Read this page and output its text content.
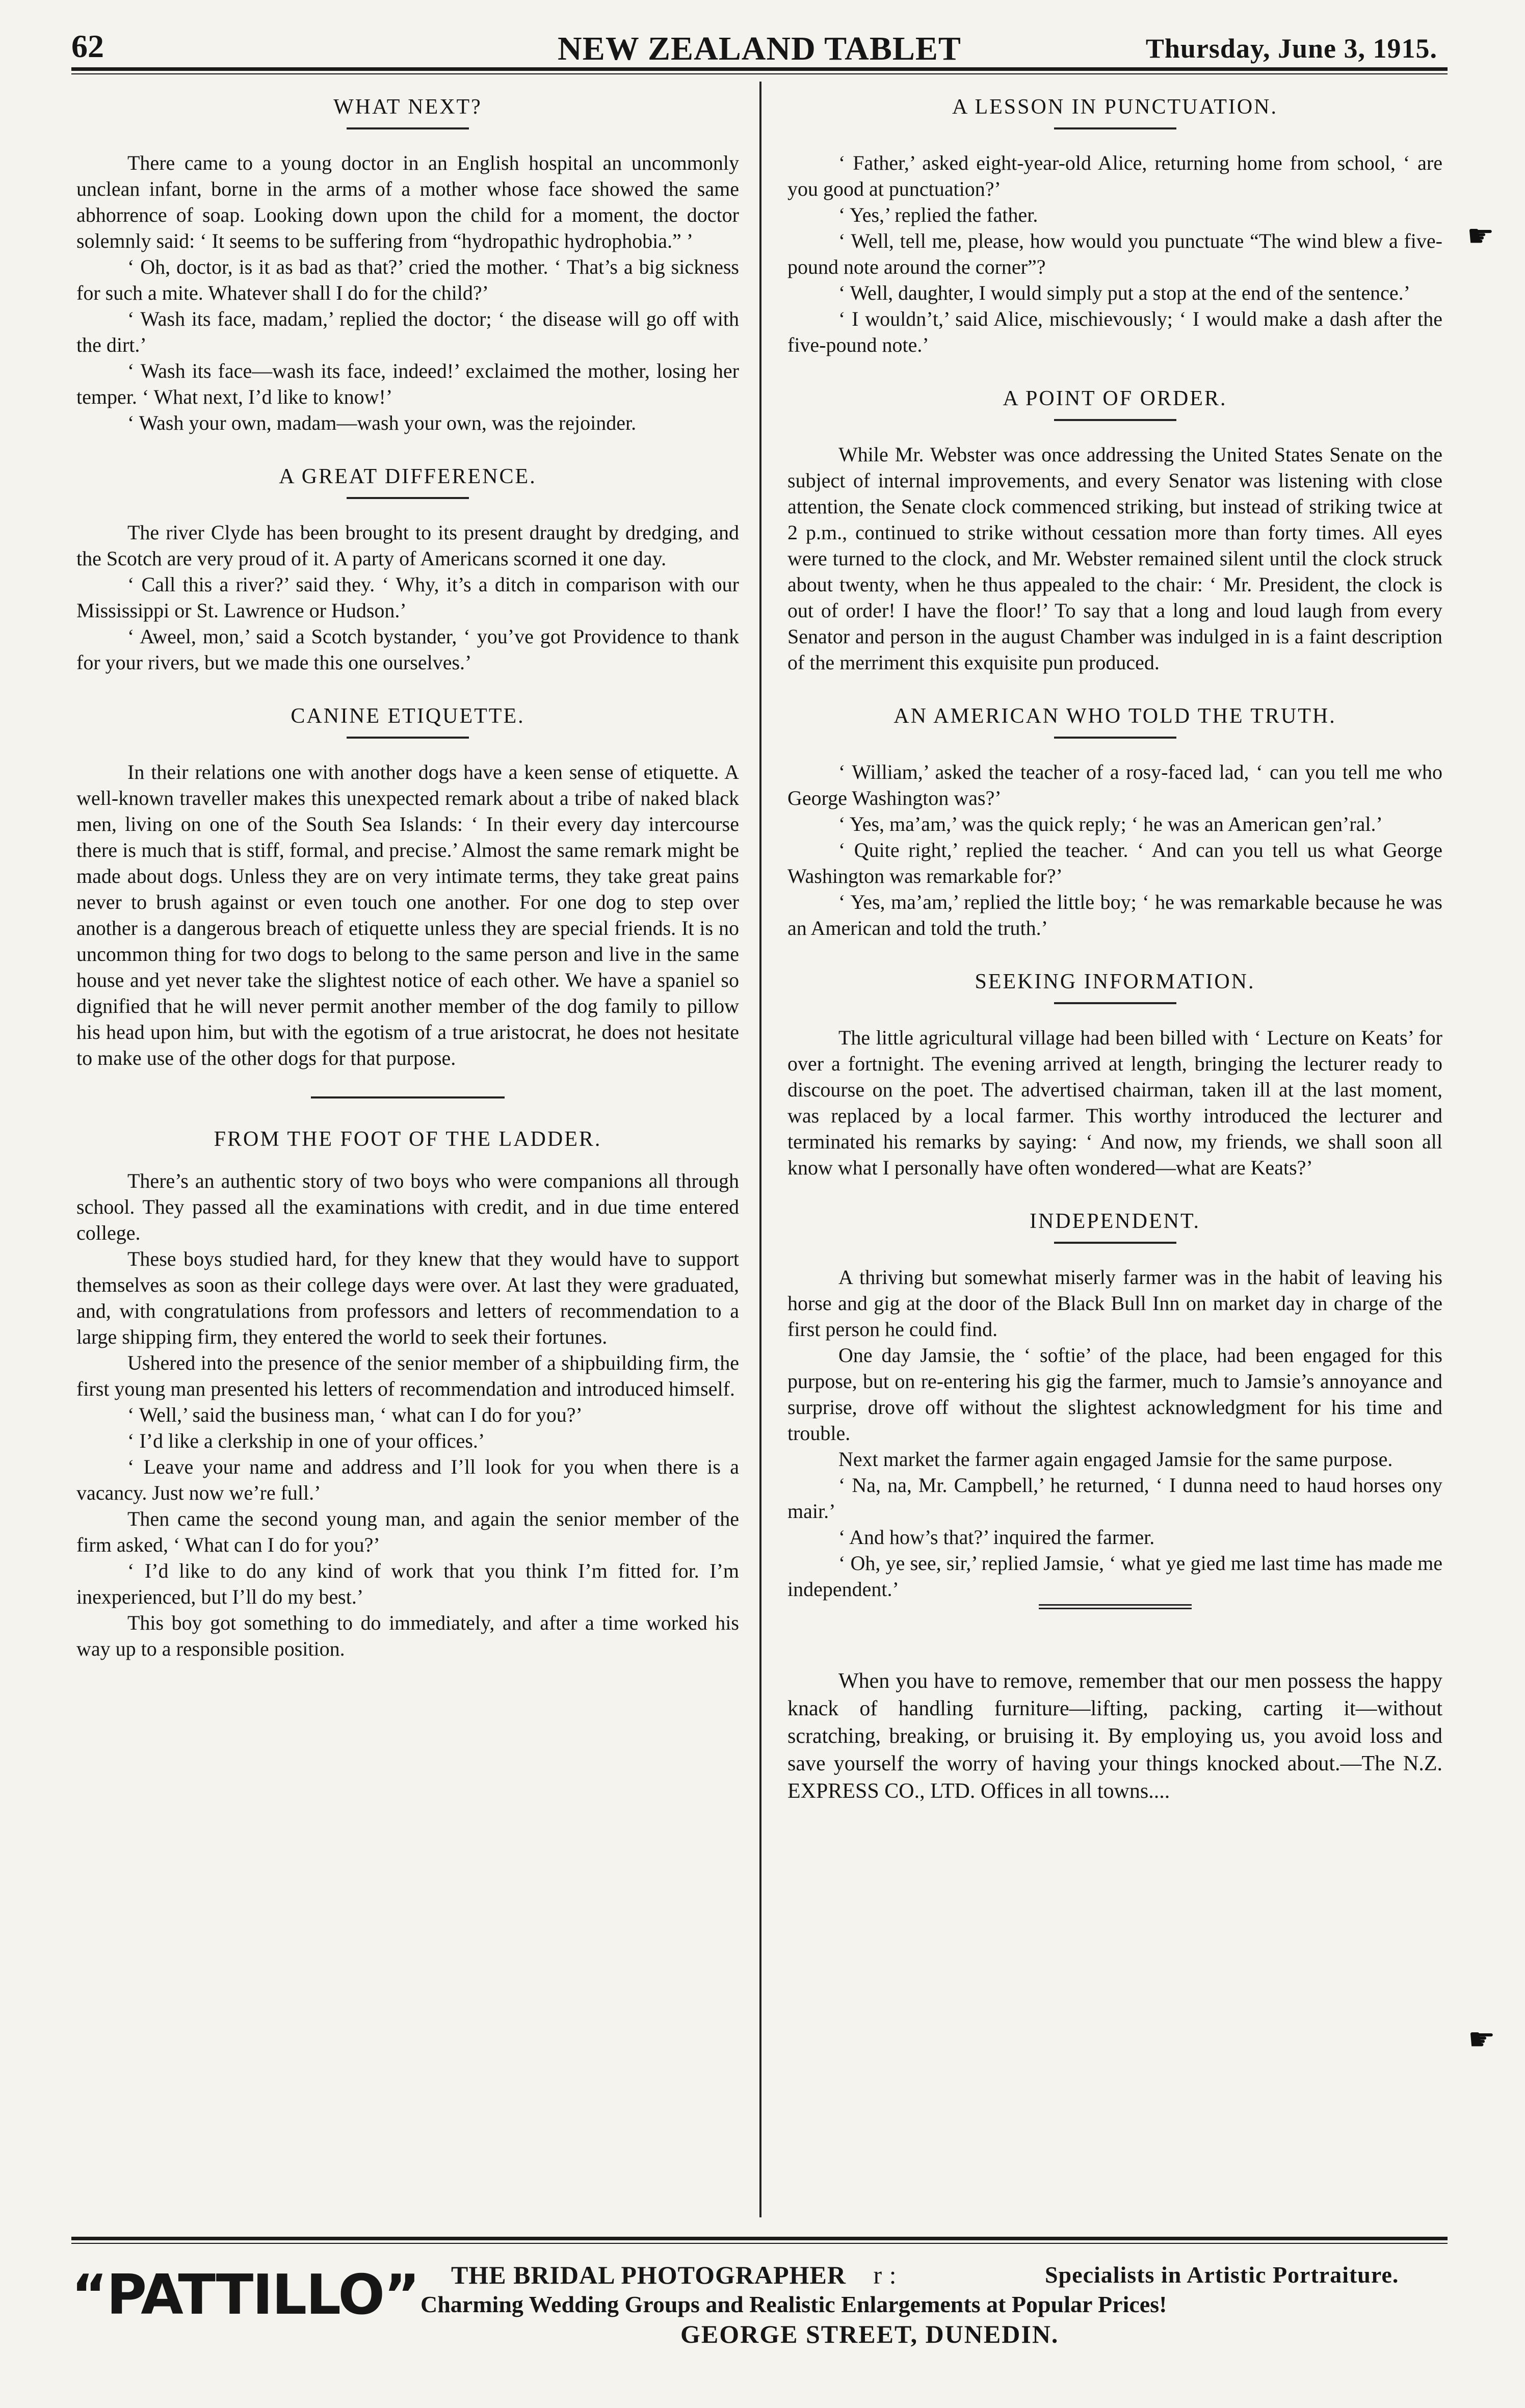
62	NEW ZEALAND TABLET	Thursday, June 3, 1915.
WHAT NEXT?

There came to a young doctor in an English hospital an uncommonly unclean infant, borne in the arms of a mother whose face showed the same abhorrence of soap. Looking down upon the child for a moment, the doctor solemnly said: ‘ It seems to be suffering from “hydropathic hydrophobia.” ’

‘ Oh, doctor, is it as bad as that?’ cried the mother. ‘ That’s a big sickness for such a mite. Whatever shall I do for the child?’

‘ Wash its face, madam,’ replied the doctor; ‘ the disease will go off with the dirt.’

‘ Wash its face—wash its face, indeed!’ exclaimed the mother, losing her temper. ‘ What next, I’d like to know!’

‘ Wash your own, madam—wash your own, was the rejoinder.

A GREAT DIFFERENCE.

The river Clyde has been brought to its present draught by dredging, and the Scotch are very proud of it. A party of Americans scorned it one day.

‘ Call this a river?’ said they. ‘ Why, it’s a ditch in comparison with our Mississippi or St. Lawrence or Hudson.’

‘ Aweel, mon,’ said a Scotch bystander, ‘ you’ve got Providence to thank for your rivers, but we made this one ourselves.’

CANINE ETIQUETTE.

In their relations one with another dogs have a keen sense of etiquette. A well-known traveller makes this unexpected remark about a tribe of naked black men, living on one of the South Sea Islands: ‘ In their every day intercourse there is much that is stiff, formal, and precise.’ Almost the same remark might be made about dogs. Unless they are on very intimate terms, they take great pains never to brush against or even touch one another. For one dog to step over another is a dangerous breach of etiquette unless they are special friends. It is no uncommon thing for two dogs to belong to the same person and live in the same house and yet never take the slightest notice of each other. We have a spaniel so dignified that he will never permit another member of the dog family to pillow his head upon him, but with the egotism of a true aristocrat, he does not hesitate to make use of the other dogs for that purpose.

FROM THE FOOT OF THE LADDER.

There’s an authentic story of two boys who were companions all through school. They passed all the examinations with credit, and in due time entered college.

These boys studied hard, for they knew that they would have to support themselves as soon as their college days were over. At last they were graduated, and, with congratulations from professors and letters of recommendation to a large shipping firm, they entered the world to seek their fortunes.

Ushered into the presence of the senior member of a shipbuilding firm, the first young man presented his letters of recommendation and introduced himself.

‘ Well,’ said the business man, ‘ what can I do for you?’

‘ I’d like a clerkship in one of your offices.’

‘ Leave your name and address and I’ll look for you when there is a vacancy. Just now we’re full.’

Then came the second young man, and again the senior member of the firm asked, ‘ What can I do for you?’

‘ I’d like to do any kind of work that you think I’m fitted for. I’m inexperienced, but I’ll do my best.’

This boy got something to do immediately, and after a time worked his way up to a responsible position.

A LESSON IN PUNCTUATION.

‘ Father,’ asked eight-year-old Alice, returning home from school, ‘ are you good at punctuation?’

‘ Yes,’ replied the father.

‘ Well, tell me, please, how would you punctuate “The wind blew a five-pound note around the corner”?

‘ Well, daughter, I would simply put a stop at the end of the sentence.’

‘ I wouldn’t,’ said Alice, mischievously; ‘ I would make a dash after the five-pound note.’

A POINT OF ORDER.

While Mr. Webster was once addressing the United States Senate on the subject of internal improvements, and every Senator was listening with close attention, the Senate clock commenced striking, but instead of striking twice at 2 p.m., continued to strike without cessation more than forty times. All eyes were turned to the clock, and Mr. Webster remained silent until the clock struck about twenty, when he thus appealed to the chair: ‘ Mr. President, the clock is out of order! I have the floor!’ To say that a long and loud laugh from every Senator and person in the august Chamber was indulged in is a faint description of the merriment this exquisite pun produced.

AN AMERICAN WHO TOLD THE TRUTH.

‘ William,’ asked the teacher of a rosy-faced lad, ‘ can you tell me who George Washington was?’

‘ Yes, ma’am,’ was the quick reply; ‘ he was an American gen’ral.’

‘ Quite right,’ replied the teacher. ‘ And can you tell us what George Washington was remarkable for?’

‘ Yes, ma’am,’ replied the little boy; ‘ he was remarkable because he was an American and told the truth.’

SEEKING INFORMATION.

The little agricultural village had been billed with ‘ Lecture on Keats’ for over a fortnight. The evening arrived at length, bringing the lecturer ready to discourse on the poet. The advertised chairman, taken ill at the last moment, was replaced by a local farmer. This worthy introduced the lecturer and terminated his remarks by saying: ‘ And now, my friends, we shall soon all know what I personally have often wondered—what are Keats?’

INDEPENDENT.

A thriving but somewhat miserly farmer was in the habit of leaving his horse and gig at the door of the Black Bull Inn on market day in charge of the first person he could find.

One day Jamsie, the ‘ softie’ of the place, had been engaged for this purpose, but on re-entering his gig the farmer, much to Jamsie’s annoyance and surprise, drove off without the slightest acknowledgment for his time and trouble.

Next market the farmer again engaged Jamsie for the same purpose.

‘ Na, na, Mr. Campbell,’ he returned, ‘ I dunna need to haud horses ony mair.’

‘ And how’s that?’ inquired the farmer.

‘ Oh, ye see, sir,’ replied Jamsie, ‘ what ye gied me last time has made me independent.’

When you have to remove, remember that our men possess the happy knack of handling furniture—lifting, packing, carting it—without scratching, breaking, or bruising it. By employing us, you avoid loss and save yourself the worry of having your things knocked about.—The N.Z. EXPRESS CO., LTD. Offices in all towns....

☛
☛
“PATTILLO” THE BRIDAL PHOTOGRAPHER r :	Specialists in Artistic Portraiture.
Charming Wedding Groups and Realistic Enlargements at Popular Prices!
GEORGE STREET, DUNEDIN.
